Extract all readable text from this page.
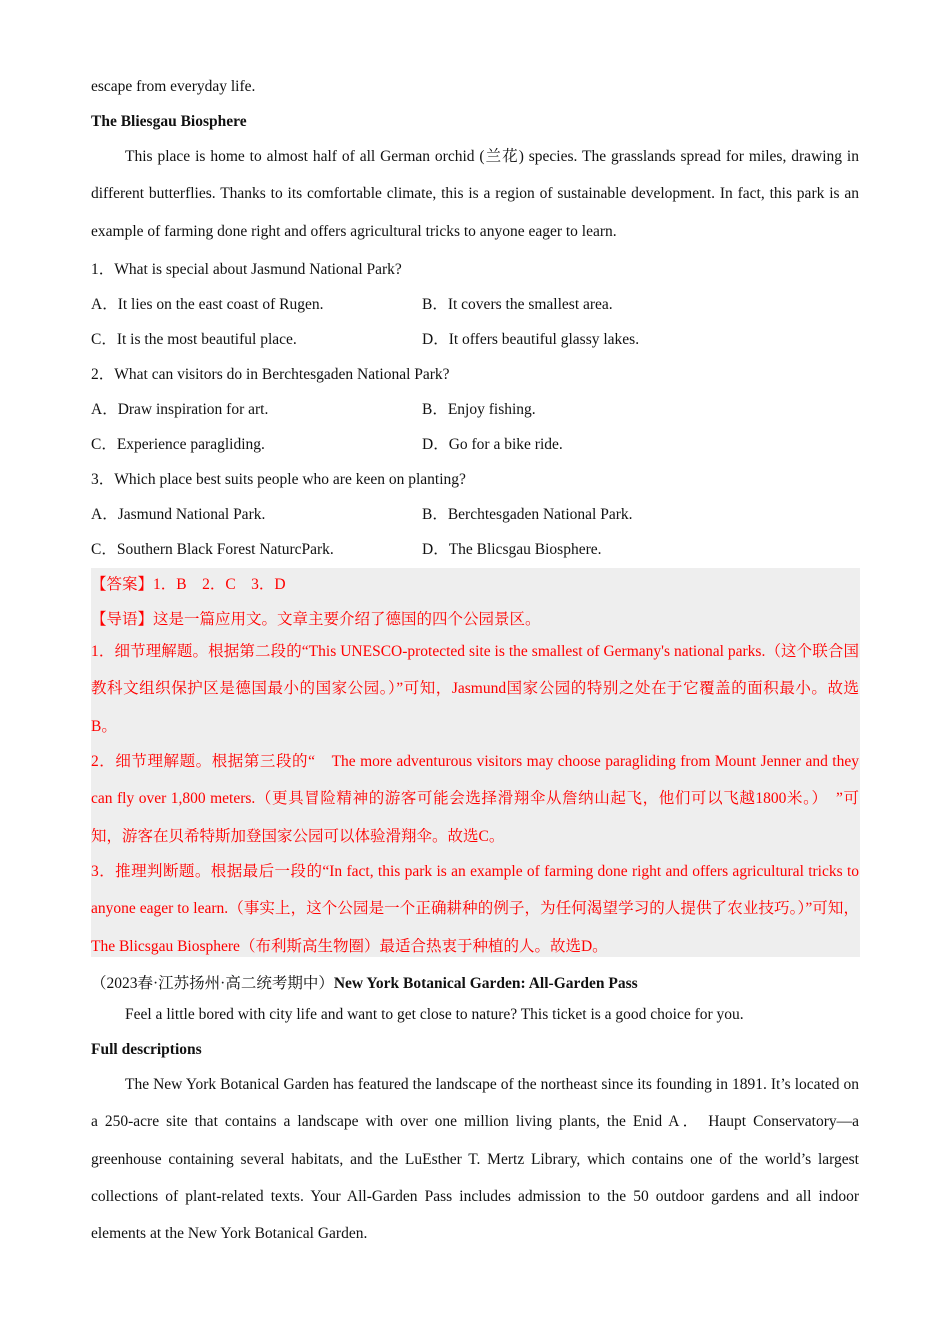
escape from everyday life.
The Bliesgau Biosphere
This place is home to almost half of all German orchid (兰花) species. The grasslands spread for miles, drawing in different butterflies. Thanks to its comfortable climate, this is a region of sustainable development. In fact, this park is an example of farming done right and offers agricultural tricks to anyone eager to learn.
1．What is special about Jasmund National Park?
A．It lies on the east coast of Rugen.	B．It covers the smallest area.
C．It is the most beautiful place.	D．It offers beautiful glassy lakes.
2．What can visitors do in Berchtesgaden National Park?
A．Draw inspiration for art.	B．Enjoy fishing.
C．Experience paragliding.	D．Go for a bike ride.
3．Which place best suits people who are keen on planting?
A．Jasmund National Park.	B．Berchtesgaden National Park.
C．Southern Black Forest NaturcPark.	D．The Blicsgau Biosphere.
【答案】1．B　2．C　3．D
【导语】这是一篇应用文。文章主要介绍了德国的四个公园景区。
1．细节理解题。根据第二段的“This UNESCO-protected site is the smallest of Germany's national parks.（这个联合国教科文组织保护区是德国最小的国家公园。）”可知，Jasmund国家公园的特别之处在于它覆盖的面积最小。故选B。
2．细节理解题。根据第三段的“　The more adventurous visitors may choose paragliding from Mount Jenner and they can fly over 1,800 meters.（更具冒险精神的游客可能会选择滑翔伞从詹纳山起飞，他们可以飞越1800米。）　”可知，游客在贝希特斯加登国家公园可以体验滑翔伞。故选C。
3．推理判断题。根据最后一段的“In fact, this park is an example of farming done right and offers agricultural tricks to anyone eager to learn.（事实上，这个公园是一个正确耕种的例子，为任何渴望学习的人提供了农业技巧。）”可知，The Blicsgau Biosphere（布利斯高生物圈）最适合热衷于种植的人。故选D。
（2023春·江苏扬州·高二统考期中）New York Botanical Garden: All-Garden Pass
Feel a little bored with city life and want to get close to nature? This ticket is a good choice for you.
Full descriptions
The New York Botanical Garden has featured the landscape of the northeast since its founding in 1891. It’s located on a 250-acre site that contains a landscape with over one million living plants, the Enid A． Haupt Conservatory—a greenhouse containing several habitats, and the LuEsther T. Mertz Library, which contains one of the world’s largest collections of plant-related texts. Your All-Garden Pass includes admission to the 50 outdoor gardens and all indoor elements at the New York Botanical Garden.
